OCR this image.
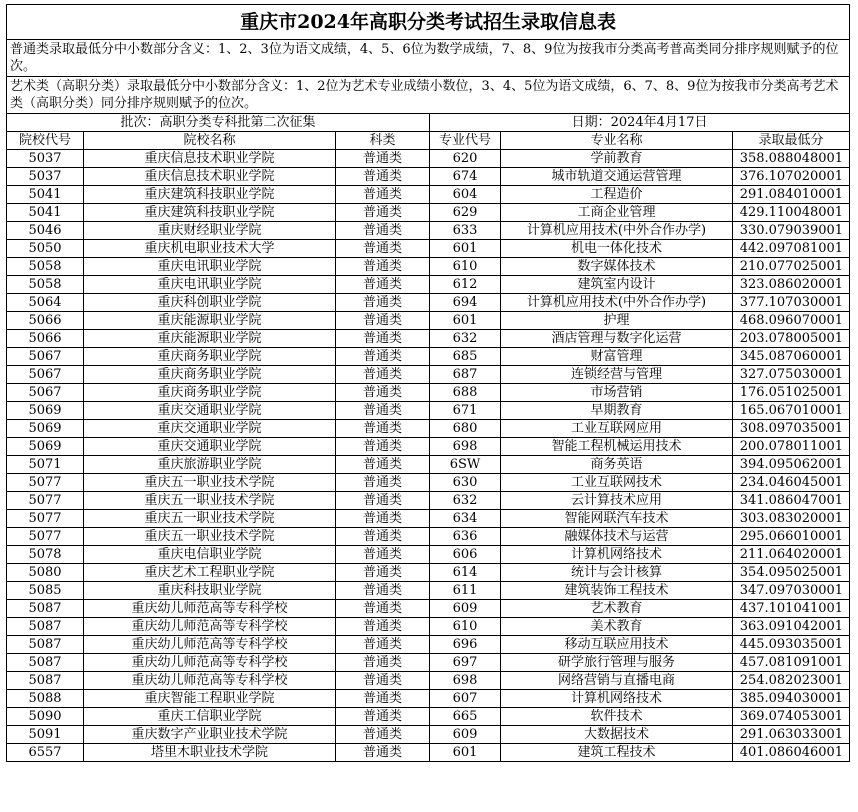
重庆市2024年高职分类考试招生录取信息表					
普通类录取最低分中小数部分含义：1、2、3位为语文成绩，4、5、6位为数学成绩，7、8、9位为按我市分类高考普高类同分排序规则赋予的位次。					
艺术类（高职分类）录取最低分中小数部分含义：1、2位为艺术专业成绩小数位，3、4、5位为语文成绩，6、7、8、9位为按我市分类高考艺术类（高职分类）同分排序规则赋予的位次。					
批次：高职分类专科批第二次征集			日期：2024年4月17日		
院校代号	院校名称	科类	专业代号	专业名称	录取最低分
5037	重庆信息技术职业学院	普通类	620	学前教育	358.088048001
5037	重庆信息技术职业学院	普通类	674	城市轨道交通运营管理	376.107020001
5041	重庆建筑科技职业学院	普通类	604	工程造价	291.084010001
5041	重庆建筑科技职业学院	普通类	629	工商企业管理	429.110048001
5046	重庆财经职业学院	普通类	633	计算机应用技术(中外合作办学)	330.079039001
5050	重庆机电职业技术大学	普通类	601	机电一体化技术	442.097081001
5058	重庆电讯职业学院	普通类	610	数字媒体技术	210.077025001
5058	重庆电讯职业学院	普通类	612	建筑室内设计	323.086020001
5064	重庆科创职业学院	普通类	694	计算机应用技术(中外合作办学)	377.107030001
5066	重庆能源职业学院	普通类	601	护理	468.096070001
5066	重庆能源职业学院	普通类	632	酒店管理与数字化运营	203.078005001
5067	重庆商务职业学院	普通类	685	财富管理	345.087060001
5067	重庆商务职业学院	普通类	687	连锁经营与管理	327.075030001
5067	重庆商务职业学院	普通类	688	市场营销	176.051025001
5069	重庆交通职业学院	普通类	671	早期教育	165.067010001
5069	重庆交通职业学院	普通类	680	工业互联网应用	308.097035001
5069	重庆交通职业学院	普通类	698	智能工程机械运用技术	200.078011001
5071	重庆旅游职业学院	普通类	6SW	商务英语	394.095062001
5077	重庆五一职业技术学院	普通类	630	工业互联网技术	234.046045001
5077	重庆五一职业技术学院	普通类	632	云计算技术应用	341.086047001
5077	重庆五一职业技术学院	普通类	634	智能网联汽车技术	303.083020001
5077	重庆五一职业技术学院	普通类	636	融媒体技术与运营	295.066010001
5078	重庆电信职业学院	普通类	606	计算机网络技术	211.064020001
5080	重庆艺术工程职业学院	普通类	614	统计与会计核算	354.095025001
5085	重庆科技职业学院	普通类	611	建筑装饰工程技术	347.097030001
5087	重庆幼儿师范高等专科学校	普通类	609	艺术教育	437.101041001
5087	重庆幼儿师范高等专科学校	普通类	610	美术教育	363.091042001
5087	重庆幼儿师范高等专科学校	普通类	696	移动互联应用技术	445.093035001
5087	重庆幼儿师范高等专科学校	普通类	697	研学旅行管理与服务	457.081091001
5087	重庆幼儿师范高等专科学校	普通类	698	网络营销与直播电商	254.082023001
5088	重庆智能工程职业学院	普通类	607	计算机网络技术	385.094030001
5090	重庆工信职业学院	普通类	665	软件技术	369.074053001
5091	重庆数字产业职业技术学院	普通类	609	大数据技术	291.063033001
6557	塔里木职业技术学院	普通类	601	建筑工程技术	401.086046001
